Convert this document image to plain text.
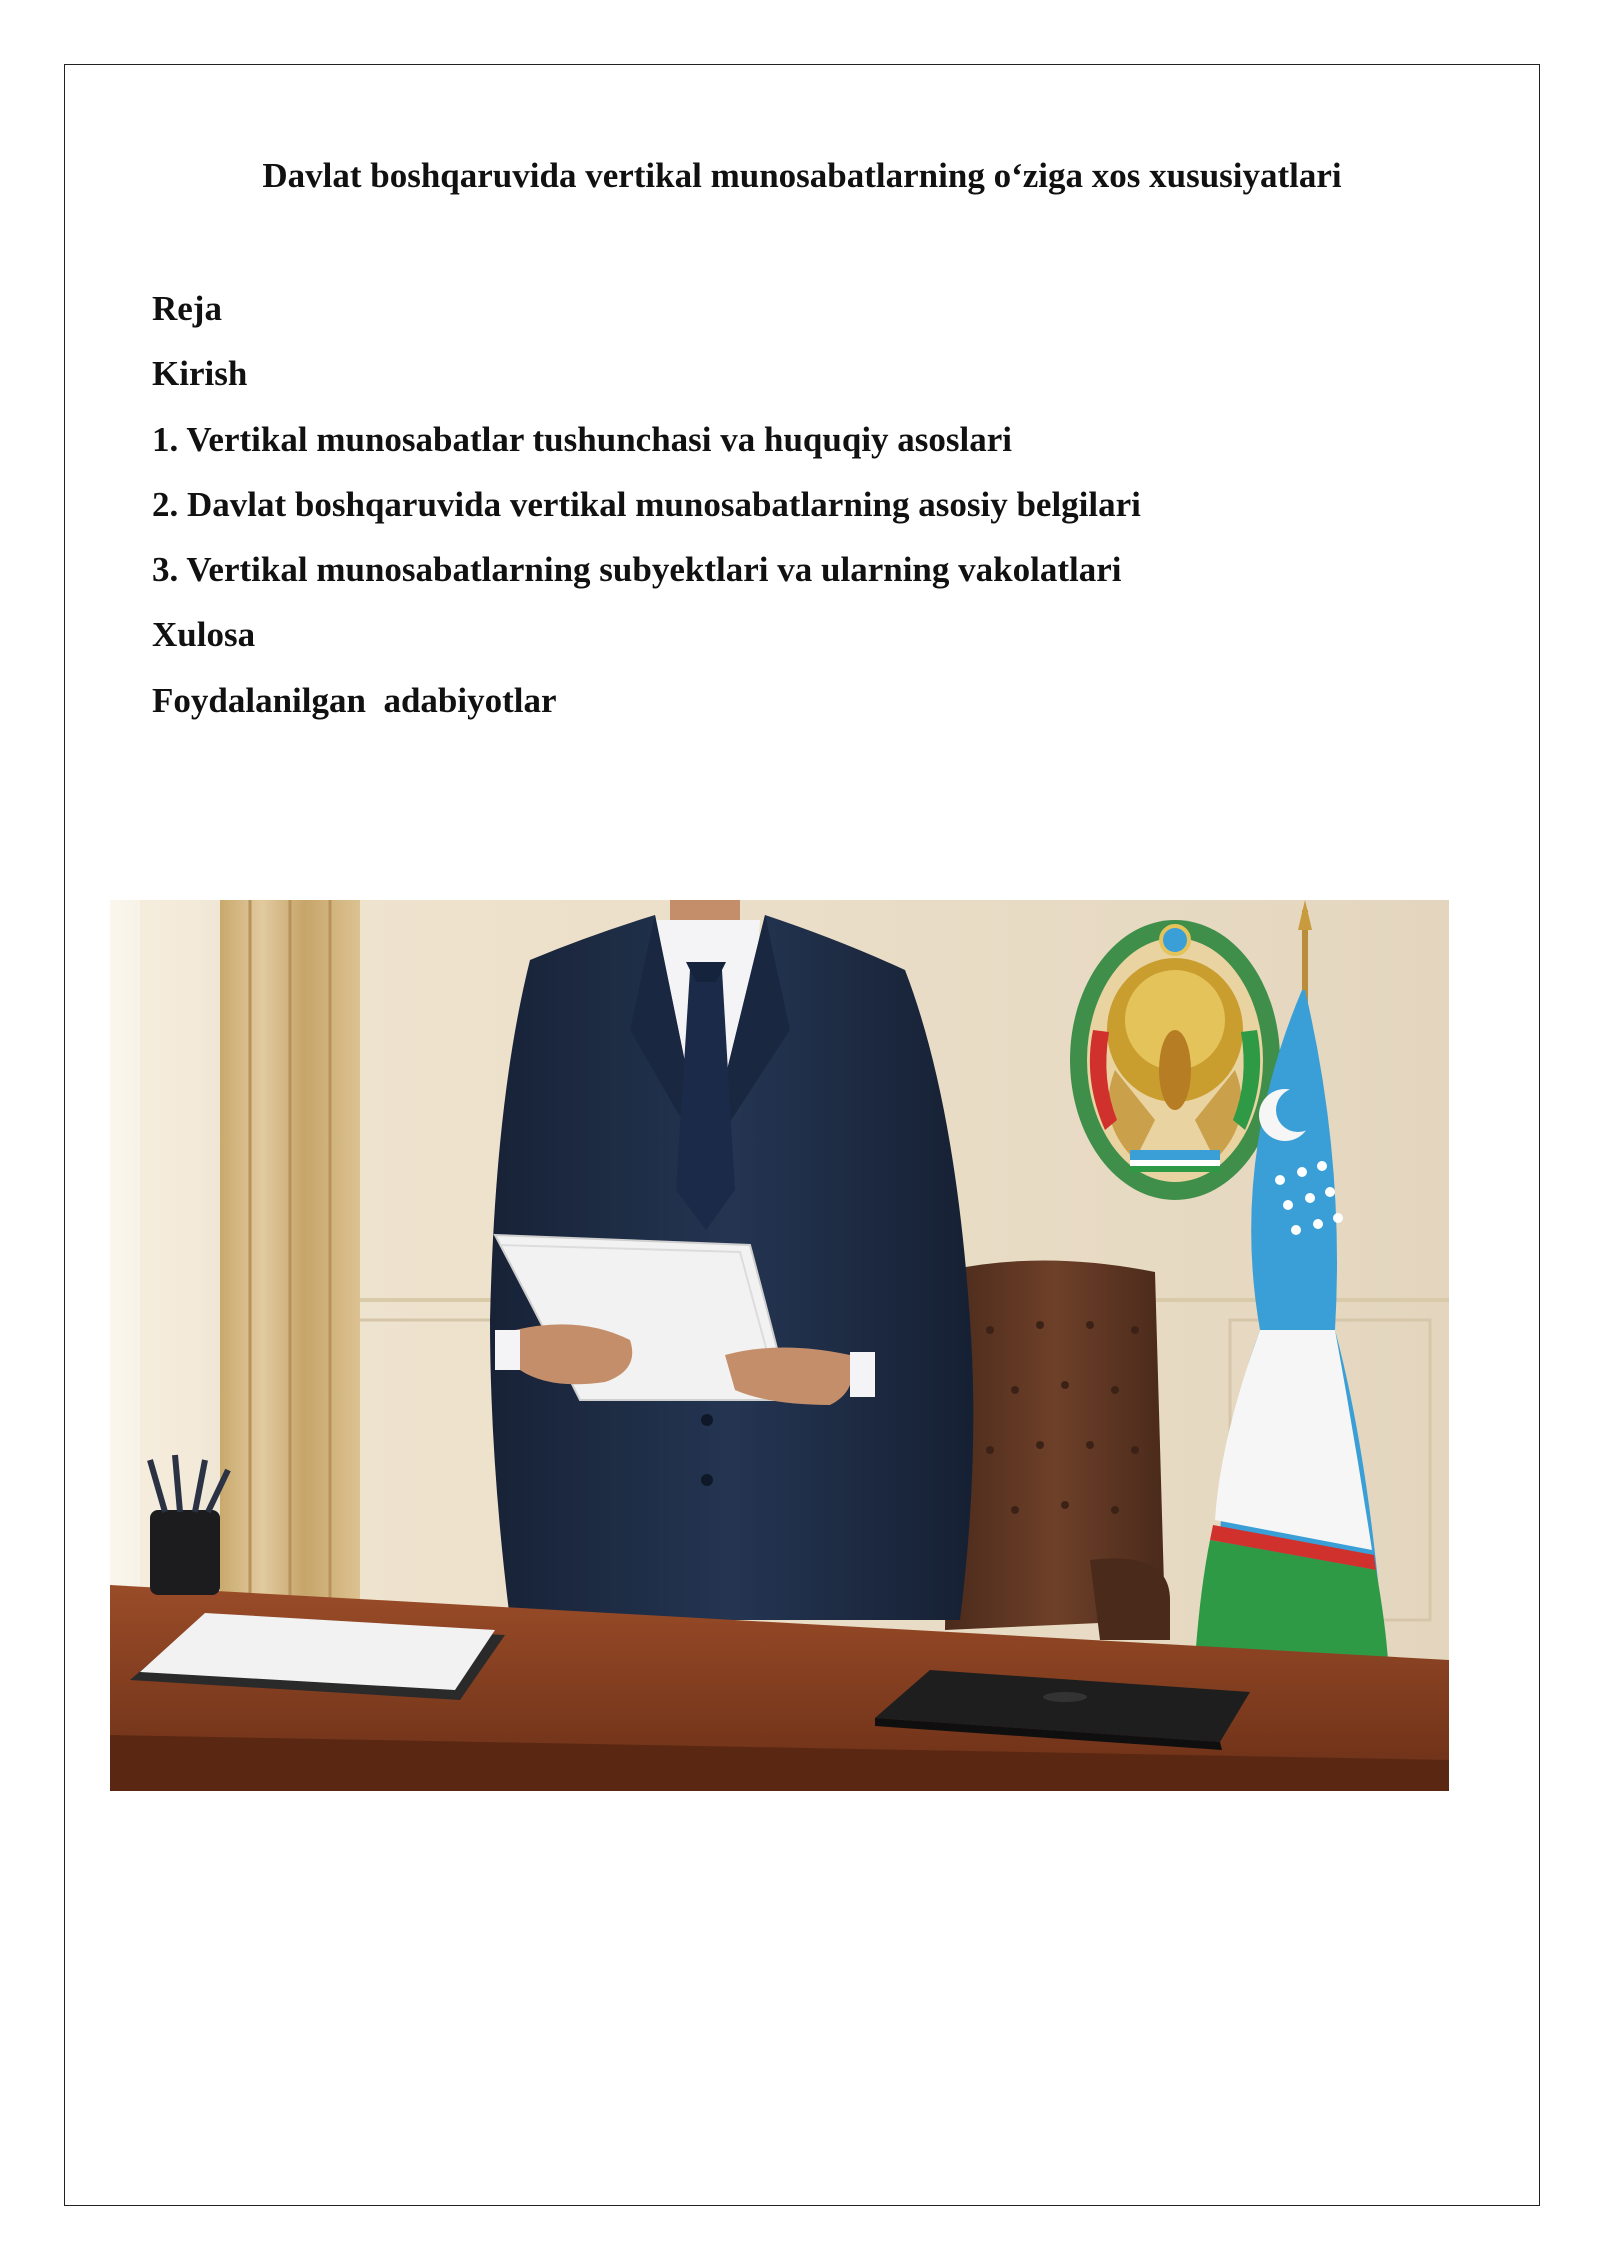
Davlat boshqaruvida vertikal munosabatlarning o‘ziga xos xususiyatlari
Reja
Kirish
1. Vertikal munosabatlar tushunchasi va huquqiy asoslari
2. Davlat boshqaruvida vertikal munosabatlarning asosiy belgilari
3. Vertikal munosabatlarning subyektlari va ularning vakolatlari
Xulosa
Foydalanilgan  adabiyotlar
